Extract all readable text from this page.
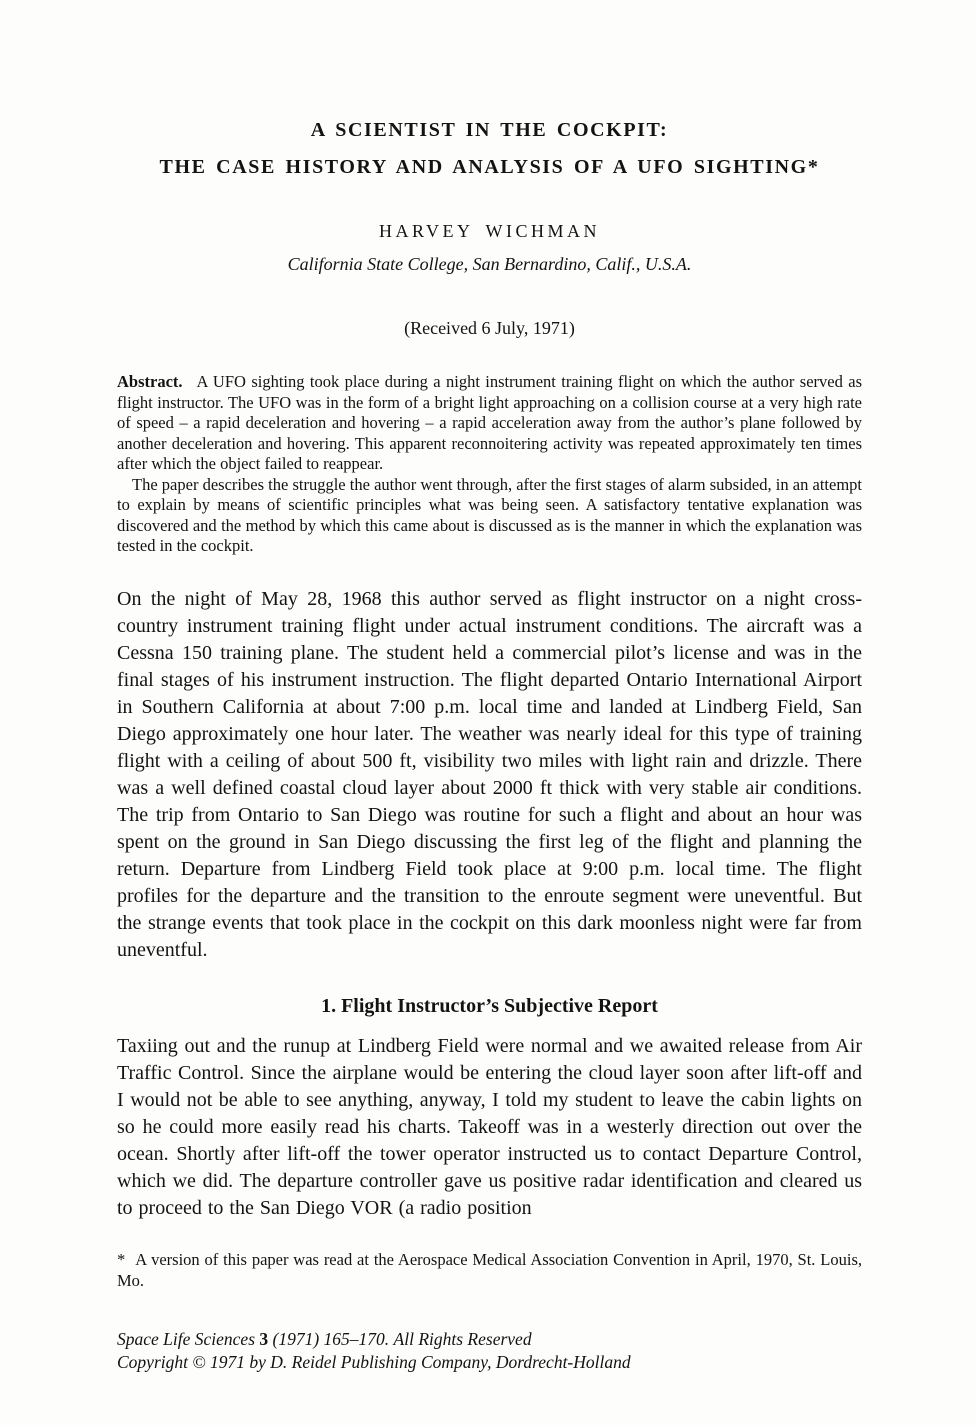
A SCIENTIST IN THE COCKPIT:
THE CASE HISTORY AND ANALYSIS OF A UFO SIGHTING*
HARVEY WICHMAN
California State College, San Bernardino, Calif., U.S.A.
(Received 6 July, 1971)

Abstract. A UFO sighting took place during a night instrument training flight on which the author served as flight instructor. The UFO was in the form of a bright light approaching on a collision course at a very high rate of speed – a rapid deceleration and hovering – a rapid acceleration away from the author’s plane followed by another deceleration and hovering. This apparent reconnoitering activity was repeated approximately ten times after which the object failed to reappear.

The paper describes the struggle the author went through, after the first stages of alarm subsided, in an attempt to explain by means of scientific principles what was being seen. A satisfactory tentative explanation was discovered and the method by which this came about is discussed as is the manner in which the explanation was tested in the cockpit.

On the night of May 28, 1968 this author served as flight instructor on a night cross-country instrument training flight under actual instrument conditions. The aircraft was a Cessna 150 training plane. The student held a commercial pilot’s license and was in the final stages of his instrument instruction. The flight departed Ontario International Airport in Southern California at about 7:00 p.m. local time and landed at Lindberg Field, San Diego approximately one hour later. The weather was nearly ideal for this type of training flight with a ceiling of about 500 ft, visibility two miles with light rain and drizzle. There was a well defined coastal cloud layer about 2000 ft thick with very stable air conditions. The trip from Ontario to San Diego was routine for such a flight and about an hour was spent on the ground in San Diego discussing the first leg of the flight and planning the return. Departure from Lindberg Field took place at 9:00 p.m. local time. The flight profiles for the departure and the transition to the enroute segment were uneventful. But the strange events that took place in the cockpit on this dark moonless night were far from uneventful.

1. Flight Instructor’s Subjective Report

Taxiing out and the runup at Lindberg Field were normal and we awaited release from Air Traffic Control. Since the airplane would be entering the cloud layer soon after lift-off and I would not be able to see anything, anyway, I told my student to leave the cabin lights on so he could more easily read his charts. Takeoff was in a westerly direction out over the ocean. Shortly after lift-off the tower operator instructed us to contact Departure Control, which we did. The departure controller gave us positive radar identification and cleared us to proceed to the San Diego VOR (a radio position

* A version of this paper was read at the Aerospace Medical Association Convention in April, 1970, St. Louis, Mo.
Space Life Sciences 3 (1971) 165–170. All Rights Reserved
Copyright © 1971 by D. Reidel Publishing Company, Dordrecht-Holland
